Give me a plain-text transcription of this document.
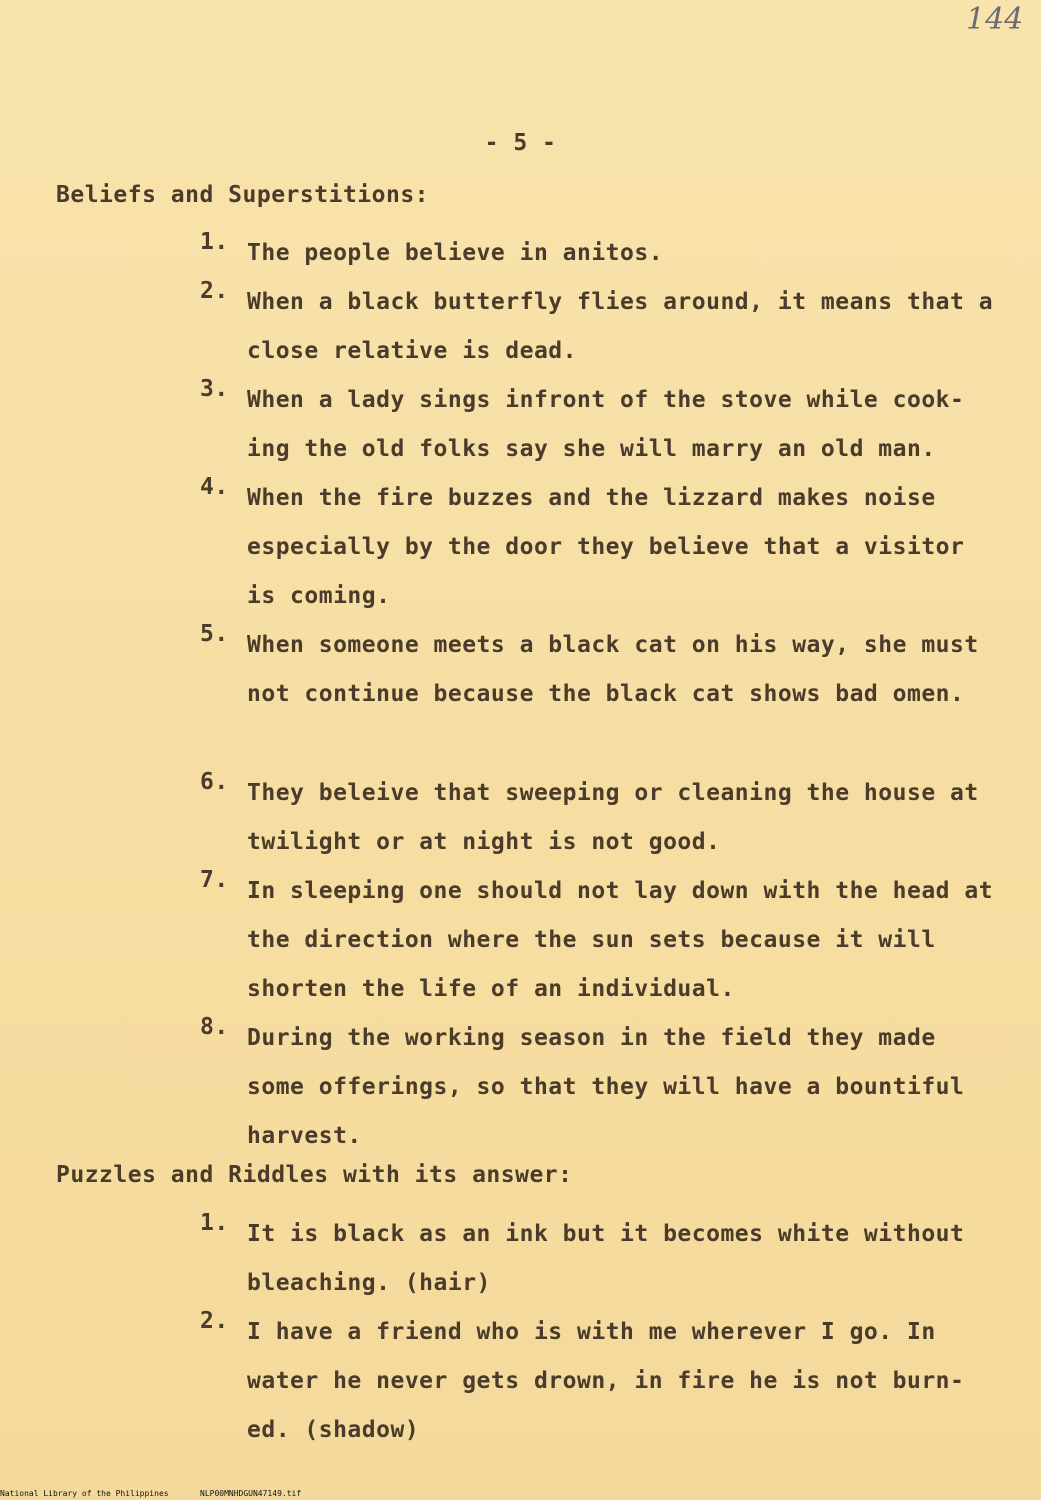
144
- 5 -
Beliefs and Superstitions:
1. The people believe in anitos.
2. When a black butterfly flies around, it means that a close relative is dead.
3. When a lady sings infront of the stove while cook-ing the old folks say she will marry an old man.
4. When the fire buzzes and the lizzard makes noise especially by the door they believe that a visitor is coming.
5. When someone meets a black cat on his way, she must not continue because the black cat shows bad omen.
6. They beleive that sweeping or cleaning the house at twilight or at night is not good.
7. In sleeping one should not lay down with the head at the direction where the sun sets because it will shorten the life of an individual.
8. During the working season in the field they made some offerings, so that they will have a bountiful harvest.
Puzzles and Riddles with its answer:
1. It is black as an ink but it becomes white without bleaching. (hair)
2. I have a friend who is with me wherever I go. In water he never gets drown, in fire he is not burn-ed. (shadow)
National Library of the Philippines	NLP00MNHDGUN47149.tif
